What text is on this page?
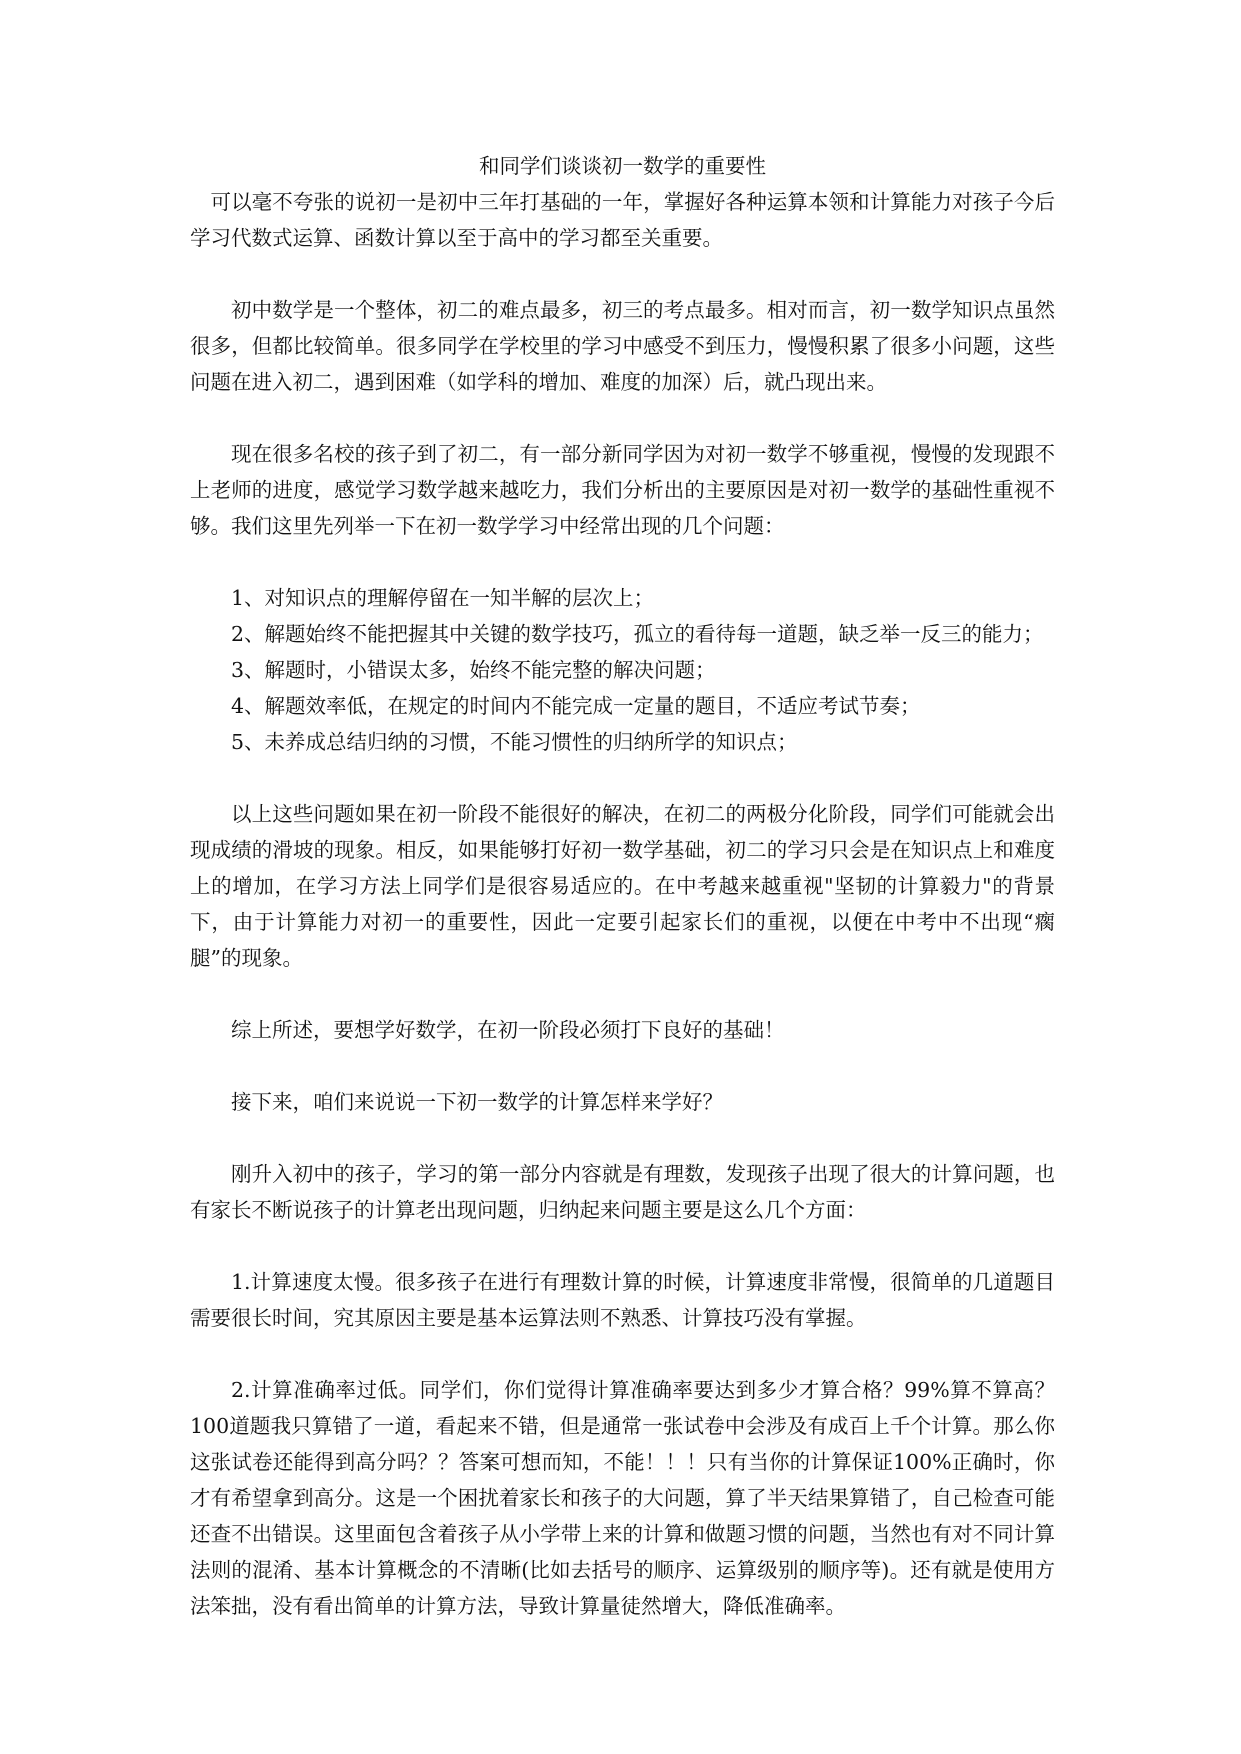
和同学们谈谈初一数学的重要性

可以毫不夸张的说初一是初中三年打基础的一年，掌握好各种运算本领和计算能力对孩子今后学习代数式运算、函数计算以至于高中的学习都至关重要。

初中数学是一个整体，初二的难点最多，初三的考点最多。相对而言，初一数学知识点虽然很多，但都比较简单。很多同学在学校里的学习中感受不到压力，慢慢积累了很多小问题，这些问题在进入初二，遇到困难（如学科的增加、难度的加深）后，就凸现出来。

现在很多名校的孩子到了初二，有一部分新同学因为对初一数学不够重视，慢慢的发现跟不上老师的进度，感觉学习数学越来越吃力，我们分析出的主要原因是对初一数学的基础性重视不够。我们这里先列举一下在初一数学学习中经常出现的几个问题：

1、对知识点的理解停留在一知半解的层次上；

2、解题始终不能把握其中关键的数学技巧，孤立的看待每一道题，缺乏举一反三的能力；

3、解题时，小错误太多，始终不能完整的解决问题；

4、解题效率低，在规定的时间内不能完成一定量的题目，不适应考试节奏；

5、未养成总结归纳的习惯，不能习惯性的归纳所学的知识点；

以上这些问题如果在初一阶段不能很好的解决，在初二的两极分化阶段，同学们可能就会出现成绩的滑坡的现象。相反，如果能够打好初一数学基础，初二的学习只会是在知识点上和难度上的增加，在学习方法上同学们是很容易适应的。在中考越来越重视"坚韧的计算毅力"的背景下，由于计算能力对初一的重要性，因此一定要引起家长们的重视，以便在中考中不出现“瘸腿”的现象。

综上所述，要想学好数学，在初一阶段必须打下良好的基础！

接下来，咱们来说说一下初一数学的计算怎样来学好？

刚升入初中的孩子，学习的第一部分内容就是有理数，发现孩子出现了很大的计算问题，也有家长不断说孩子的计算老出现问题，归纳起来问题主要是这么几个方面：

1.计算速度太慢。很多孩子在进行有理数计算的时候，计算速度非常慢，很简单的几道题目需要很长时间，究其原因主要是基本运算法则不熟悉、计算技巧没有掌握。

2.计算准确率过低。同学们，你们觉得计算准确率要达到多少才算合格？99%算不算高？100道题我只算错了一道，看起来不错，但是通常一张试卷中会涉及有成百上千个计算。那么你这张试卷还能得到高分吗？？答案可想而知，不能！！！只有当你的计算保证100%正确时，你才有希望拿到高分。这是一个困扰着家长和孩子的大问题，算了半天结果算错了，自己检查可能还查不出错误。这里面包含着孩子从小学带上来的计算和做题习惯的问题，当然也有对不同计算法则的混淆、基本计算概念的不清晰(比如去括号的顺序、运算级别的顺序等)。还有就是使用方法笨拙，没有看出简单的计算方法，导致计算量徒然增大，降低准确率。
